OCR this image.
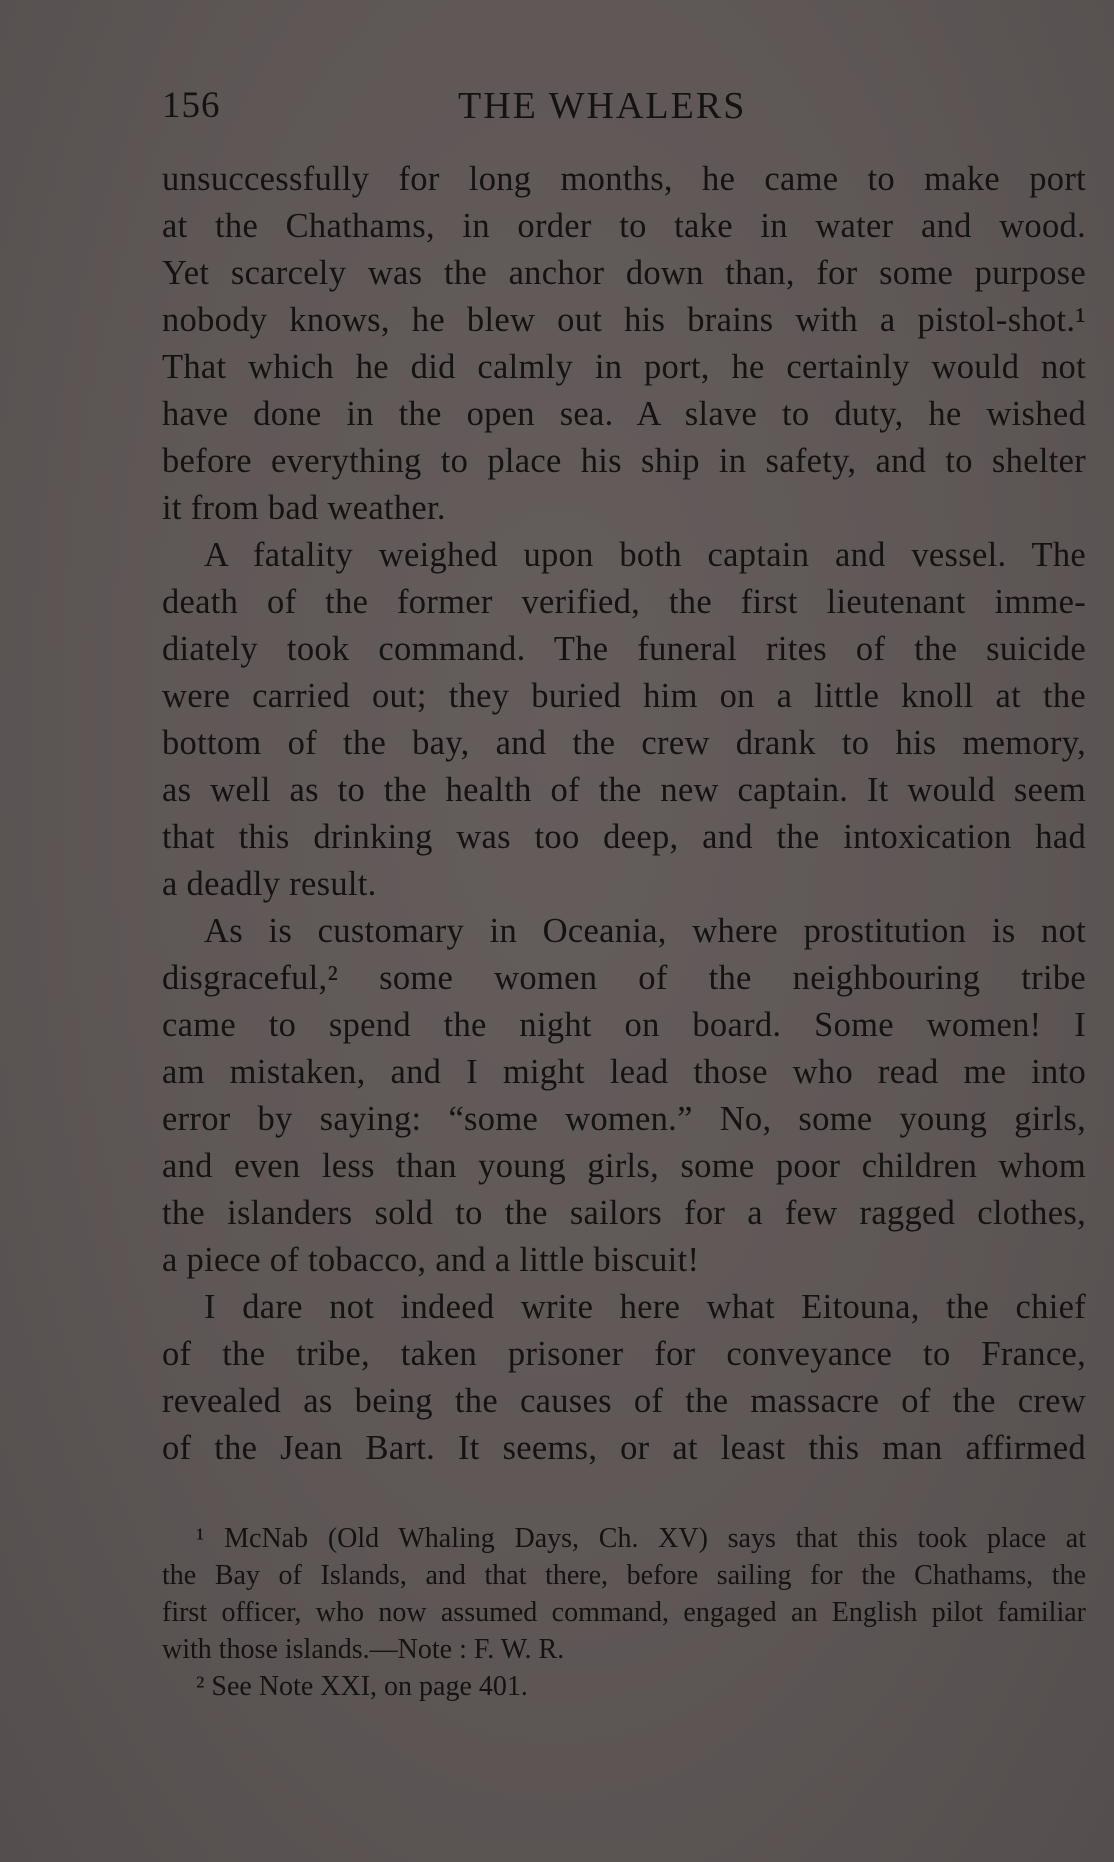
156	THE WHALERS
unsuccessfully for long months, he came to make port
at the Chathams, in order to take in water and wood.
Yet scarcely was the anchor down than, for some purpose
nobody knows, he blew out his brains with a pistol-shot.¹
That which he did calmly in port, he certainly would not
have done in the open sea. A slave to duty, he wished
before everything to place his ship in safety, and to shelter
it from bad weather.
A fatality weighed upon both captain and vessel. The
death of the former verified, the first lieutenant imme-
diately took command. The funeral rites of the suicide
were carried out; they buried him on a little knoll at the
bottom of the bay, and the crew drank to his memory,
as well as to the health of the new captain. It would seem
that this drinking was too deep, and the intoxication had
a deadly result.
As is customary in Oceania, where prostitution is not
disgraceful,² some women of the neighbouring tribe
came to spend the night on board. Some women! I
am mistaken, and I might lead those who read me into
error by saying: “some women.” No, some young girls,
and even less than young girls, some poor children whom
the islanders sold to the sailors for a few ragged clothes,
a piece of tobacco, and a little biscuit!
I dare not indeed write here what Eitouna, the chief
of the tribe, taken prisoner for conveyance to France,
revealed as being the causes of the massacre of the crew
of the Jean Bart. It seems, or at least this man affirmed
¹ McNab (Old Whaling Days, Ch. XV) says that this took place at
the Bay of Islands, and that there, before sailing for the Chathams, the
first officer, who now assumed command, engaged an English pilot familiar
with those islands.—Note : F. W. R.
² See Note XXI, on page 401.
